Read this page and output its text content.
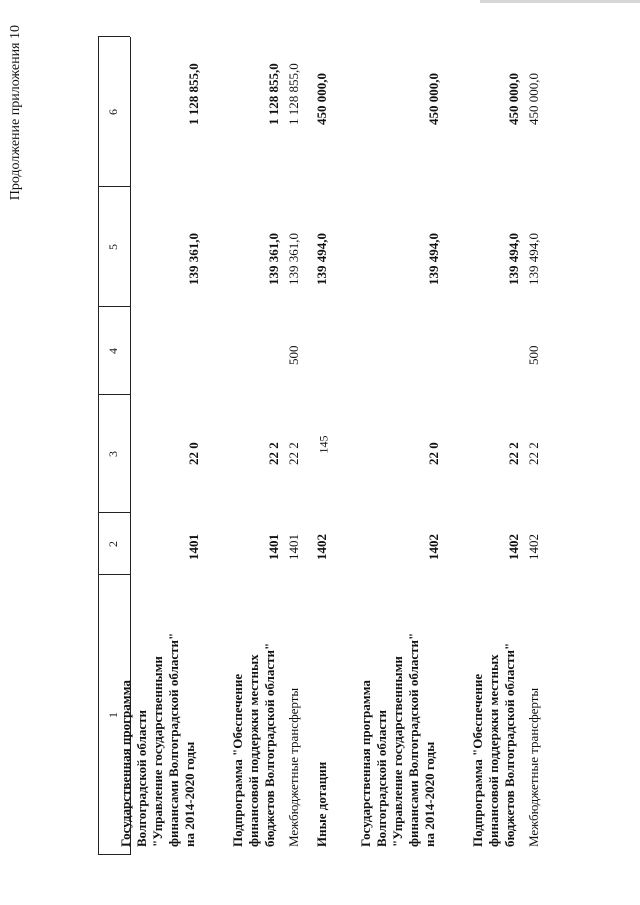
145
Продолжение приложения 10
1
2
3
4
5
6
Государственная программа Волгоградской области "Управление государственными финансами Волгоградской области" на 2014-2020 годы
1401
22 0
139 361,0
1 128 855,0
Подпрограмма "Обеспечение финансовой поддержки местных бюджетов Волгоградской области"
1401
22 2
139 361,0
1 128 855,0
Межбюджетные трансферты
1401
22 2
500
139 361,0
1 128 855,0
Иные дотации
1402
139 494,0
450 000,0
Государственная программа Волгоградской области "Управление государственными финансами Волгоградской области" на 2014-2020 годы
1402
22 0
139 494,0
450 000,0
Подпрограмма "Обеспечение финансовой поддержки местных бюджетов Волгоградской области"
1402
22 2
139 494,0
450 000,0
Межбюджетные трансферты
1402
22 2
500
139 494,0
450 000,0
